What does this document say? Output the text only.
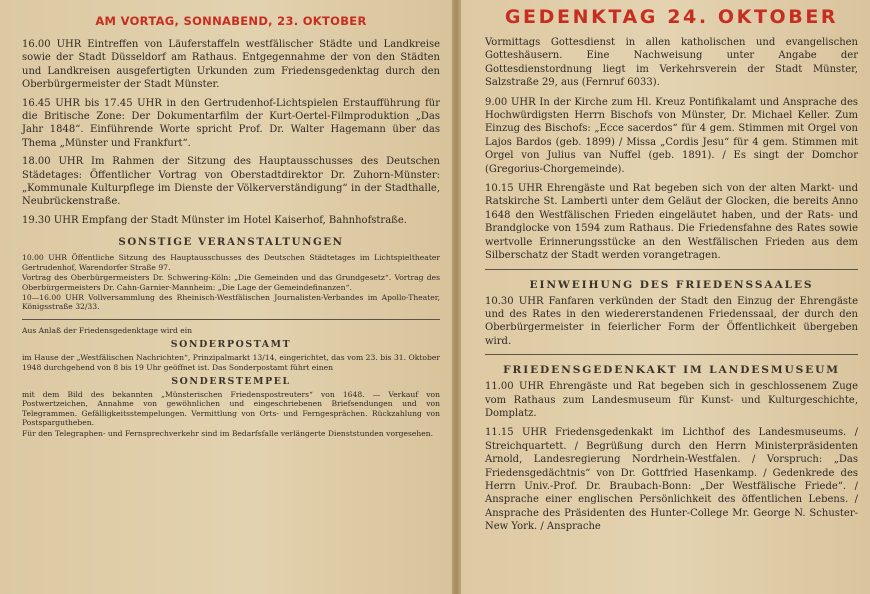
AM VORTAG, SONNABEND, 23. OKTOBER

16.00 UHR Eintreffen von Läuferstaffeln westfälischer Städte und Landkreise sowie der Stadt Düsseldorf am Rathaus. Entgegennahme der von den Städten und Landkreisen ausgefertigten Urkunden zum Friedensgedenktag durch den Oberbürgermeister der Stadt Münster.

16.45 UHR bis 17.45 UHR in den Gertrudenhof-Lichtspielen Erstaufführung für die Britische Zone: Der Dokumentarfilm der Kurt-Oertel-Filmproduktion „Das Jahr 1848“. Einführende Worte spricht Prof. Dr. Walter Hagemann über das Thema „Münster und Frankfurt“.

18.00 UHR Im Rahmen der Sitzung des Hauptausschusses des Deutschen Städetages: Öffentlicher Vortrag von Oberstadtdirektor Dr. Zuhorn-Münster: „Kommunale Kulturpflege im Dienste der Völkerverständigung“ in der Stadthalle, Neubrückenstraße.

19.30 UHR Empfang der Stadt Münster im Hotel Kaiserhof, Bahnhofstraße.

SONSTIGE VERANSTALTUNGEN

10.00 UHR Öffentliche Sitzung des Hauptausschusses des Deutschen Städtetages im Lichtspieltheater Gertrudenhof, Warendorfer Straße 97.

Vortrag des Oberbürgermeisters Dr. Schwering-Köln: „Die Gemeinden und das Grundgesetz“. Vortrag des Oberbürgermeisters Dr. Cahn-Garnier-Mannheim: „Die Lage der Gemeindefinanzen“.

10—16.00 UHR Vollversammlung des Rheinisch-Westfälischen Journalisten-Verbandes im Apollo-Theater, Königsstraße 32/33.

Aus Anlaß der Friedensgedenktage wird ein

SONDERPOSTAMT

im Hause der „Westfälischen Nachrichten“, Prinzipalmarkt 13/14, eingerichtet, das vom 23. bis 31. Oktober 1948 durchgehend von 8 bis 19 Uhr geöffnet ist. Das Sonderpostamt führt einen

SONDERSTEMPEL

mit dem Bild des bekannten „Münsterischen Friedenspostreuters“ von 1648. — Verkauf von Postwertzeichen, Annahme von gewöhnlichen und eingeschriebenen Briefsendungen und von Telegrammen. Gefälligkeitsstempelungen. Vermittlung von Orts- und Ferngesprächen. Rückzahlung von Postspargutheben.

Für den Telegraphen- und Fernsprechverkehr sind im Bedarfsfalle verlängerte Dienststunden vorgesehen.

GEDENKTAG 24. OKTOBER

Vormittags Gottesdienst in allen katholischen und evangelischen Gotteshäusern. Eine Nachweisung unter Angabe der Gottesdienstordnung liegt im Verkehrsverein der Stadt Münster, Salzstraße 29, aus (Fernruf 6033).

9.00 UHR In der Kirche zum Hl. Kreuz Pontifikalamt und Ansprache des Hochwürdigsten Herrn Bischofs von Münster, Dr. Michael Keller. Zum Einzug des Bischofs: „Ecce sacerdos“ für 4 gem. Stimmen mit Orgel von Lajos Bardos (geb. 1899) / Missa „Cordis Jesu“ für 4 gem. Stimmen mit Orgel von Julius van Nuffel (geb. 1891). / Es singt der Domchor (Gregorius-Chorgemeinde).

10.15 UHR Ehrengäste und Rat begeben sich von der alten Markt- und Ratskirche St. Lamberti unter dem Geläut der Glocken, die bereits Anno 1648 den Westfälischen Frieden eingeläutet haben, und der Rats- und Brandglocke von 1594 zum Rathaus. Die Friedensfahne des Rates sowie wertvolle Erinnerungsstücke an den Westfälischen Frieden aus dem Silberschatz der Stadt werden vorangetragen.

EINWEIHUNG DES FRIEDENSSAALES

10.30 UHR Fanfaren verkünden der Stadt den Einzug der Ehrengäste und des Rates in den wiedererstandenen Friedenssaal, der durch den Oberbürgermeister in feierlicher Form der Öffentlichkeit übergeben wird.

FRIEDENSGEDENKAKT IM LANDESMUSEUM

11.00 UHR Ehrengäste und Rat begeben sich in geschlossenem Zuge vom Rathaus zum Landesmuseum für Kunst- und Kulturgeschichte, Domplatz.

11.15 UHR Friedensgedenkakt im Lichthof des Landesmuseums. / Streichquartett. / Begrüßung durch den Herrn Ministerpräsidenten Arnold, Landesregierung Nordrhein-Westfalen. / Vorspruch: „Das Friedensgedächtnis“ von Dr. Gottfried Hasenkamp. / Gedenkrede des Herrn Univ.-Prof. Dr. Braubach-Bonn: „Der Westfälische Friede“. / Ansprache einer englischen Persönlichkeit des öffentlichen Lebens. / Ansprache des Präsidenten des Hunter-College Mr. George N. Schuster-New York. / Ansprache
